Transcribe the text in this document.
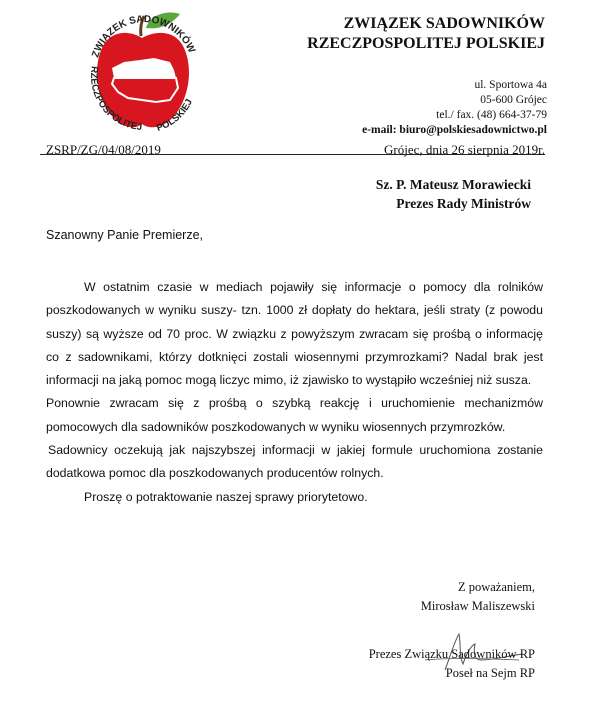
ZWIĄZEK SADOWNIKÓW
RZECZPOSPOLITEJ POLSKIEJ
ZWIĄZEK SADOWNIKÓW
RZECZPOSPOLITEJ POLSKIEJ
ul. Sportowa 4a
05-600 Grójec
tel./ fax. (48) 664-37-79
e-mail: biuro@polskiesadownictwo.pl
ZSRP/ZG/04/08/2019	Grójec, dnia 26 sierpnia 2019r.
Sz. P. Mateusz Morawiecki
Prezes Rady Ministrów
Szanowny Panie Premierze,

W ostatnim czasie w mediach pojawiły się informacje o pomocy dla rolników poszkodowanych w wyniku suszy- tzn. 1000 zł dopłaty do hektara, jeśli straty (z powodu suszy) są wyższe od 70 proc. W związku z powyższym zwracam się prośbą o informację co z sadownikami, którzy dotknięci zostali wiosennymi przymrozkami? Nadal brak jest informacji na jaką pomoc mogą liczyc mimo, iż zjawisko to wystąpiło wcześniej niż susza.

Ponownie zwracam się z prośbą o szybką reakcję i uruchomienie mechanizmów pomocowych dla sadowników poszkodowanych w wyniku wiosennych przymrozków.

Sadownicy oczekują jak najszybszej informacji w jakiej formule uruchomiona zostanie dodatkowa pomoc dla poszkodowanych producentów rolnych.

Proszę o potraktowanie naszej sprawy priorytetowo.

Z poważaniem,
Mirosław Maliszewski
Prezes Związku Sadowników RP
Poseł na Sejm RP
